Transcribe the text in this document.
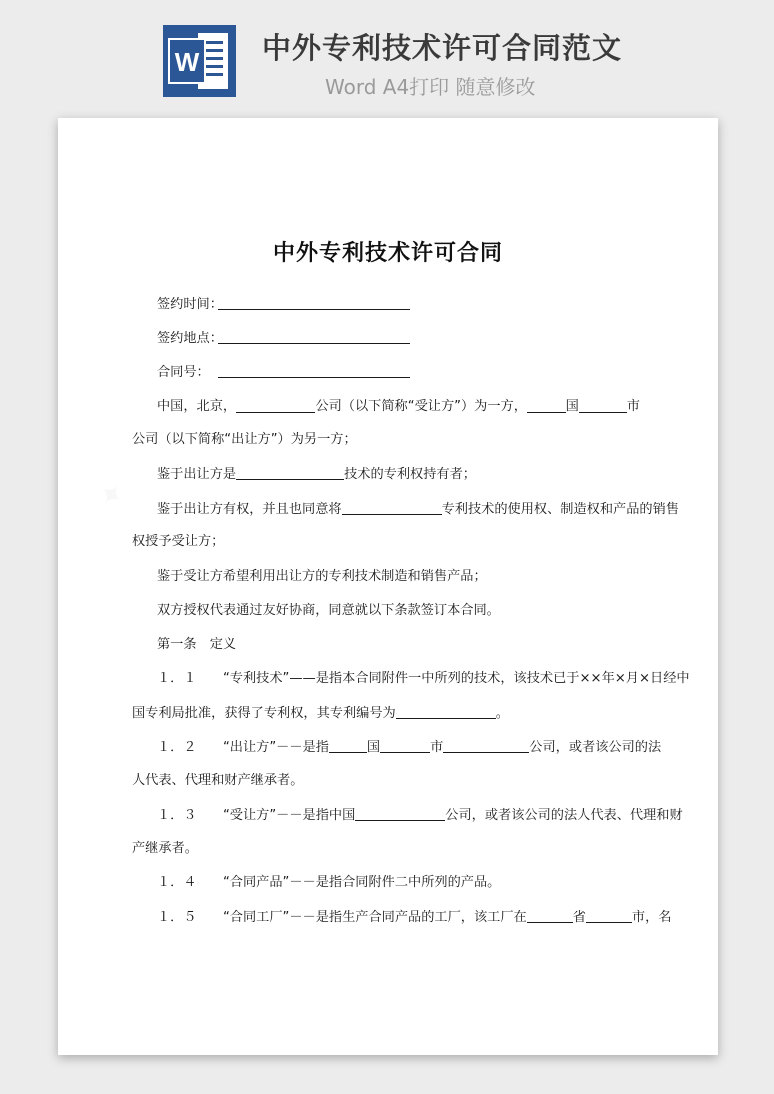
W 中外专利技术许可合同范文
Word A4打印 随意修改
✦
中外专利技术许可合同
签约时间：
签约地点：
合同号：
中国，北京，	公司（以下简称“受让方”）为一方，	国	市
公司（以下简称“出让方”）为另一方；
鉴于出让方是	技术的专利权持有者；
鉴于出让方有权，并且也同意将	专利技术的使用权、制造权和产品的销售
权授予受让方；
鉴于受让方希望利用出让方的专利技术制造和销售产品；
双方授权代表通过友好协商，同意就以下条款签订本合同。
第一条　定义
１．１　　 “专利技术”——是指本合同附件一中所列的技术，该技术已于××年×月×日经中
国专利局批准，获得了专利权，其专利编号为	。
１．２　　 “出让方”－－是指	国	市	公司，或者该公司的法
人代表、代理和财产继承者。
１．３　　 “受让方”－－是指中国	公司，或者该公司的法人代表、代理和财
产继承者。
１．４　　 “合同产品”－－是指合同附件二中所列的产品。
１．５　　 “合同工厂”－－是指生产合同产品的工厂，该工厂在	省	市，名
